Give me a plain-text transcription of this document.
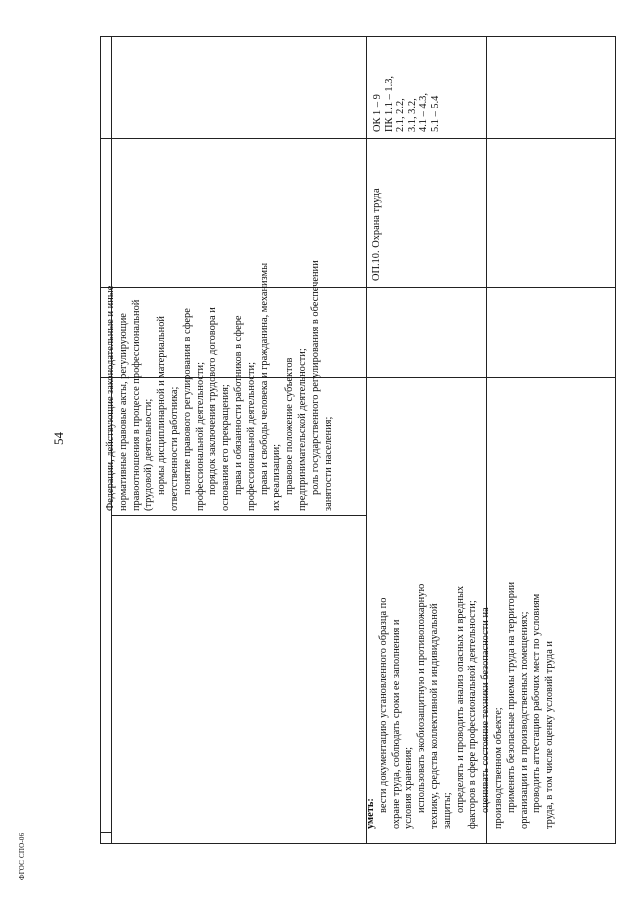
54
ФГОС СПО-06

Федерации, действующие законодательные и иные нормативные правовые акты, регулирующие правоотношения в процессе профессиональной (трудовой) деятельности; нормы дисциплинарной и материальной ответственности работника; понятие правового регулирования в сфере профессиональной деятельности; порядок заключения трудового договора и основания его прекращения; права и обязанности работников в сфере профессиональной деятельности; права и свободы человека и гражданина, механизмы их реализации; правовое положение субъектов предпринимательской деятельности; роль государственного регулирования в обеспечении занятости населения;

уметь:

вести документацию установленного образца по охране труда, соблюдать сроки ее заполнения и условия хранения; использовать экобиозащитную и противопожарную технику, средства коллективной и индивидуальной защиты; определять и проводить анализ опасных и вредных факторов в сфере профессиональной деятельности; оценивать состояние техники безопасности на производственном объекте; применять безопасные приемы труда на территории организации и в производственных помещениях; проводить аттестацию рабочих мест по условиям труда, в том числе оценку условий труда и

ОП.10. Охрана труда

ОК 1 – 9 ПК 1.1 – 1.3, 2.1, 2.2, 3.1, 3.2, 4.1 – 4.3, 5.1 – 5.4
